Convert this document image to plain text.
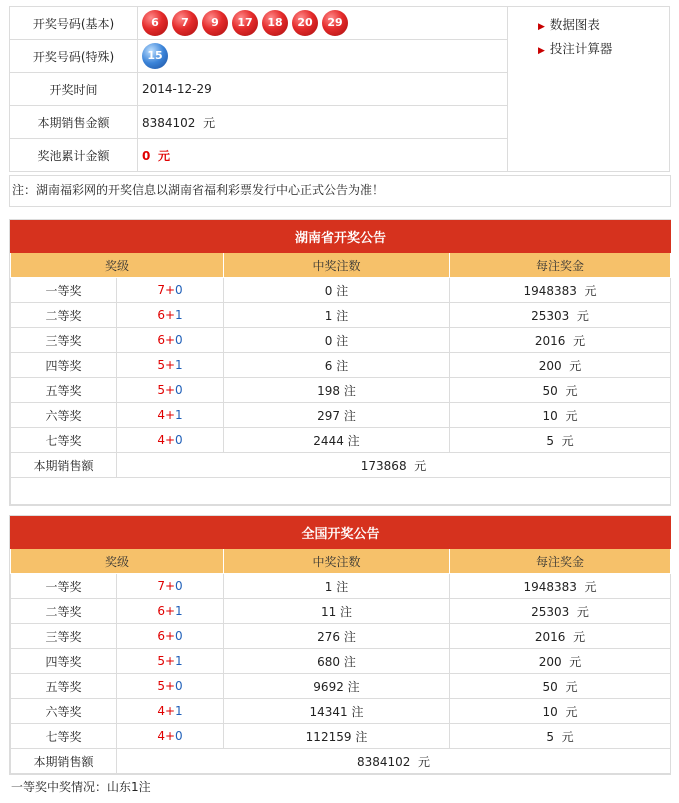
开奖号码(基本)	6 7 9 17 18 20 29	▶ 数据图表
▶ 投注计算器

开奖号码(特殊)	15	
开奖时间	2014-12-29	
本期销售金额	8384102 元	
奖池累计金额	0 元	
注：湖南福彩网的开奖信息以湖南省福利彩票发行中心正式公告为准！
湖南省开奖公告			
奖级		中奖注数	每注奖金
一等奖	7+0	0 注	1948383 元
二等奖	6+1	1 注	25303 元
三等奖	6+0	0 注	2016 元
四等奖	5+1	6 注	200 元
五等奖	5+0	198 注	50 元
六等奖	4+1	297 注	10 元
七等奖	4+0	2444 注	5 元
本期销售额	173868 元		

全国开奖公告			
奖级		中奖注数	每注奖金
一等奖	7+0	1 注	1948383 元
二等奖	6+1	11 注	25303 元
三等奖	6+0	276 注	2016 元
四等奖	5+1	680 注	200 元
五等奖	5+0	9692 注	50 元
六等奖	4+1	14341 注	10 元
七等奖	4+0	112159 注	5 元
本期销售额	8384102 元		
一等奖中奖情况：山东1注
